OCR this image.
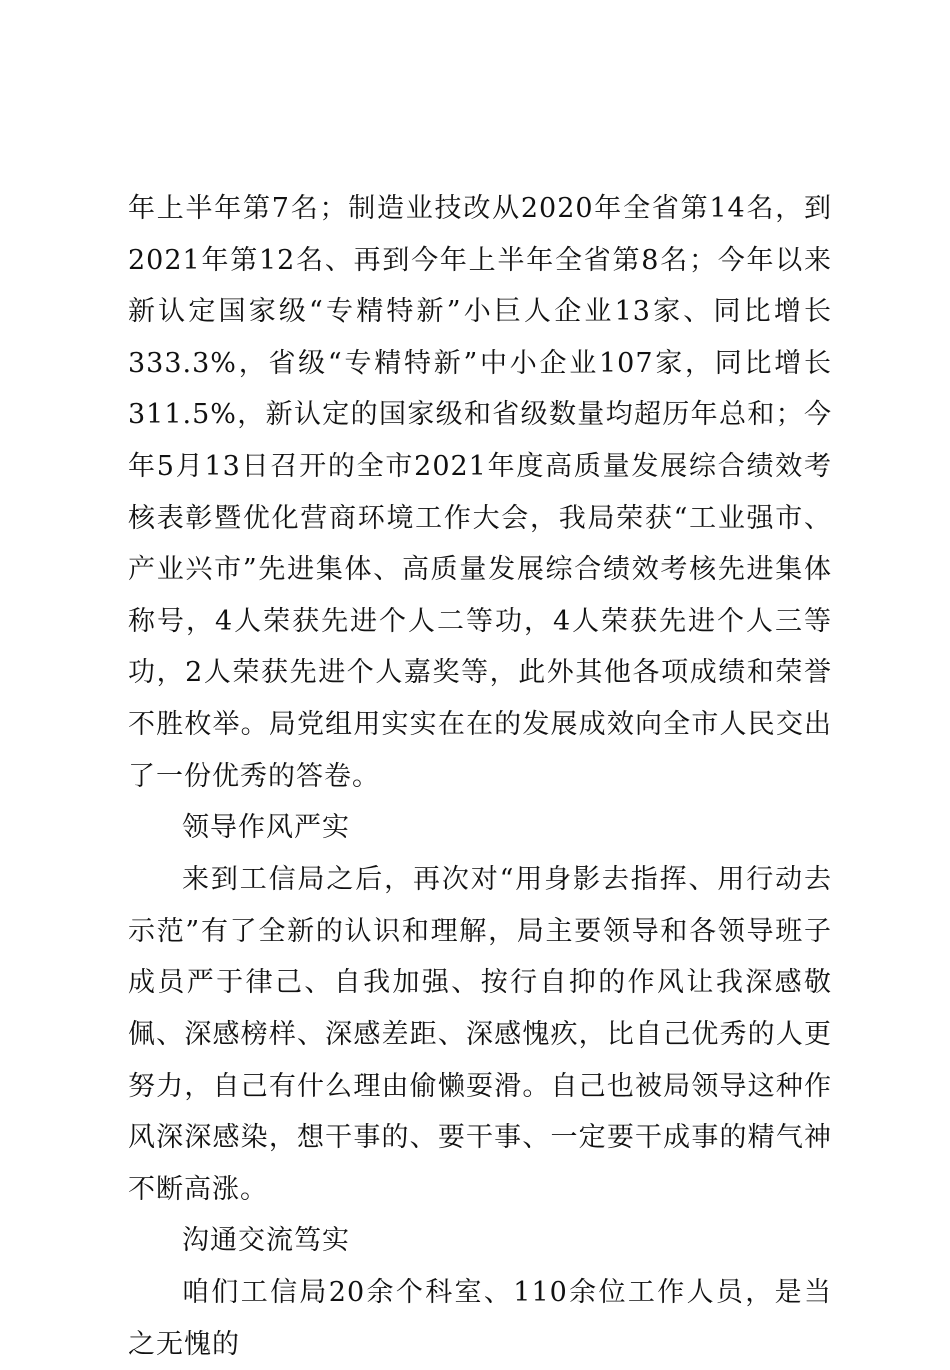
年上半年第7名；制造业技改从2020年全省第14名，到2021年第12名、再到今年上半年全省第8名；今年以来新认定国家级“专精特新”小巨人企业13家、同比增长333.3%，省级“专精特新”中小企业107家，同比增长311.5%，新认定的国家级和省级数量均超历年总和；今年5月13日召开的全市2021年度高质量发展综合绩效考核表彰暨优化营商环境工作大会，我局荣获“工业强市、产业兴市”先进集体、高质量发展综合绩效考核先进集体称号，4人荣获先进个人二等功，4人荣获先进个人三等功，2人荣获先进个人嘉奖等，此外其他各项成绩和荣誉不胜枚举。局党组用实实在在的发展成效向全市人民交出了一份优秀的答卷。

领导作风严实

来到工信局之后，再次对“用身影去指挥、用行动去示范”有了全新的认识和理解，局主要领导和各领导班子成员严于律己、自我加强、按行自抑的作风让我深感敬佩、深感榜样、深感差距、深感愧疚，比自己优秀的人更努力，自己有什么理由偷懒耍滑。自己也被局领导这种作风深深感染，想干事的、要干事、一定要干成事的精气神不断高涨。

沟通交流笃实

咱们工信局20余个科室、110余位工作人员，是当之无愧的
